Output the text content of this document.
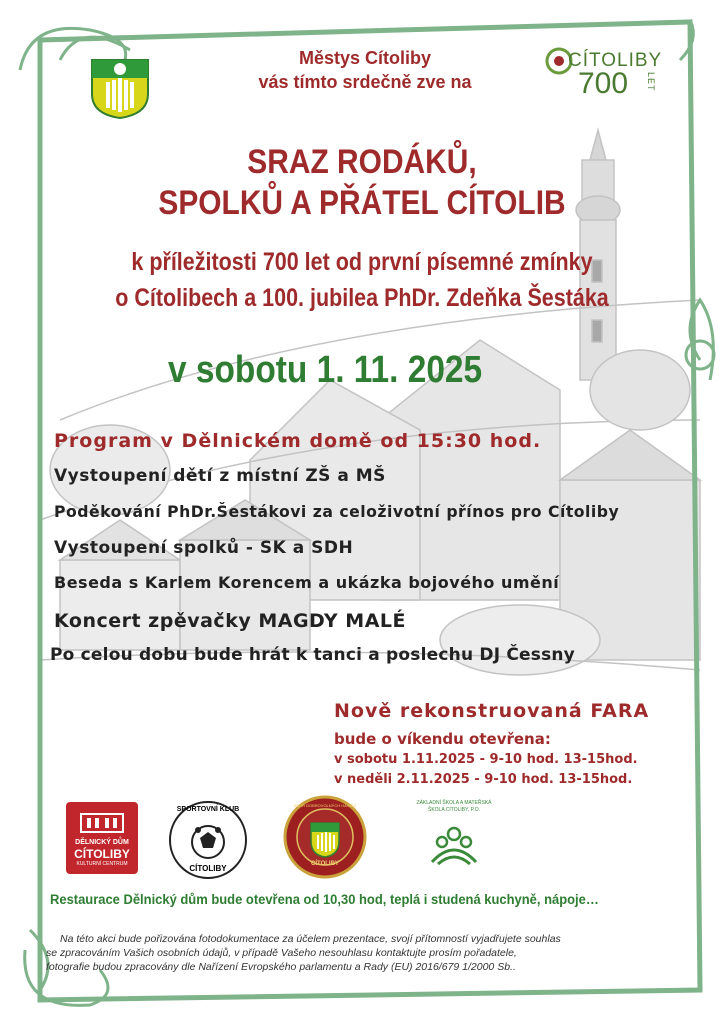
Městys Cítoliby
vás tímto srdečně zve na
CÍTOLIBY
700 LET
SRAZ RODÁKŮ,
SPOLKŮ A PŘÁTEL CÍTOLIB
k příležitosti 700 let od první písemné zmínky
o Cítolibech a 100. jubilea PhDr. Zdeňka Šestáka
v sobotu 1. 11. 2025
Program v Dělnickém domě od 15:30 hod.
Vystoupení dětí z místní ZŠ a MŠ
Poděkování PhDr.Šestákovi za celoživotní přínos pro Cítoliby
Vystoupení spolků - SK a SDH
Beseda s Karlem Korencem a ukázka bojového umění
Koncert zpěvačky MAGDY MALÉ
Po celou dobu bude hrát k tanci a poslechu DJ Čessny
Nově rekonstruovaná FARA
bude o víkendu otevřena:
v sobotu 1.11.2025 - 9-10 hod. 13-15hod.
v neděli 2.11.2025 - 9-10 hod. 13-15hod.
DĚLNICKÝ DŮM
CÍTOLIBY
KULTURNÍ CENTRUM
SPORTOVNÍ KLUB
CÍTOLIBY
SBOR DOBROVOLNÝCH HASIČŮ
CÍTOLIBY
ZÁKLADNÍ ŠKOLA A MATEŘSKÁ ŠKOLA CÍTOLIBY, P.O.
Restaurace Dělnický dům bude otevřena od 10,30 hod, teplá i studená kuchyně, nápoje…
Na této akci bude pořizována fotodokumentace za účelem prezentace, svojí přítomností vyjadřujete souhlas
se zpracováním Vašich osobních údajů, v případě Vašeho nesouhlasu kontaktujte prosím pořadatele,
fotografie budou zpracovány dle Nařízení Evropského parlamentu a Rady (EU) 2016/679 1/2000 Sb..
